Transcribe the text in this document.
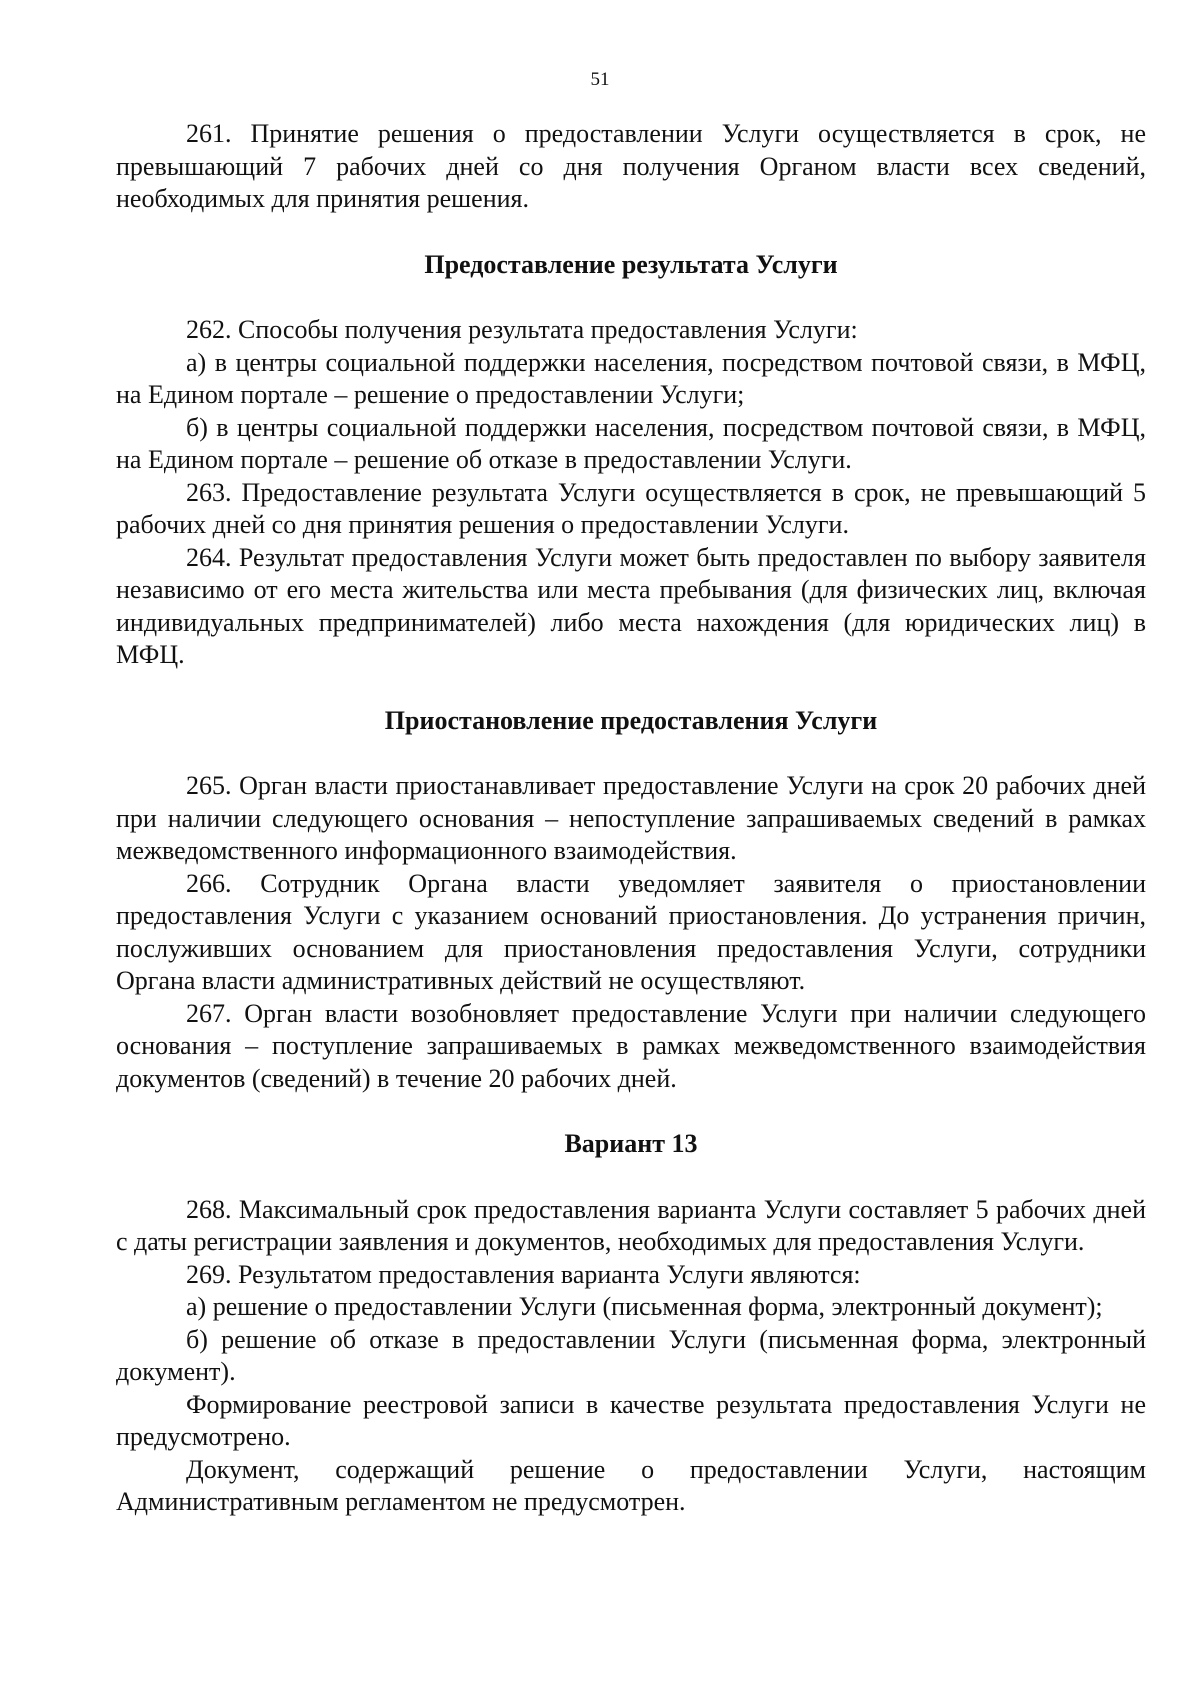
51

261. Принятие решения о предоставлении Услуги осуществляется в срок, не превышающий 7 рабочих дней со дня получения Органом власти всех сведений, необходимых для принятия решения.

Предоставление результата Услуги

262. Способы получения результата предоставления Услуги:

а) в центры социальной поддержки населения, посредством почтовой связи, в МФЦ, на Едином портале – решение о предоставлении Услуги;

б) в центры социальной поддержки населения, посредством почтовой связи, в МФЦ, на Едином портале – решение об отказе в предоставлении Услуги.

263. Предоставление результата Услуги осуществляется в срок, не превышающий 5 рабочих дней со дня принятия решения о предоставлении Услуги.

264. Результат предоставления Услуги может быть предоставлен по выбору заявителя независимо от его места жительства или места пребывания (для физических лиц, включая индивидуальных предпринимателей) либо места нахождения (для юридических лиц) в МФЦ.

Приостановление предоставления Услуги

265. Орган власти приостанавливает предоставление Услуги на срок 20 рабочих дней при наличии следующего основания – непоступление запрашиваемых сведений в рамках межведомственного информационного взаимодействия.

266. Сотрудник Органа власти уведомляет заявителя о приостановлении предоставления Услуги с указанием оснований приостановления. До устранения причин, послуживших основанием для приостановления предоставления Услуги, сотрудники Органа власти административных действий не осуществляют.

267. Орган власти возобновляет предоставление Услуги при наличии следующего основания – поступление запрашиваемых в рамках межведомственного взаимодействия документов (сведений) в течение 20 рабочих дней.

Вариант 13

268. Максимальный срок предоставления варианта Услуги составляет 5 рабочих дней с даты регистрации заявления и документов, необходимых для предоставления Услуги.

269. Результатом предоставления варианта Услуги являются:

а) решение о предоставлении Услуги (письменная форма, электронный документ);

б) решение об отказе в предоставлении Услуги (письменная форма, электронный документ).

Формирование реестровой записи в качестве результата предоставления Услуги не предусмотрено.

Документ, содержащий решение о предоставлении Услуги, настоящим Административным регламентом не предусмотрен.
